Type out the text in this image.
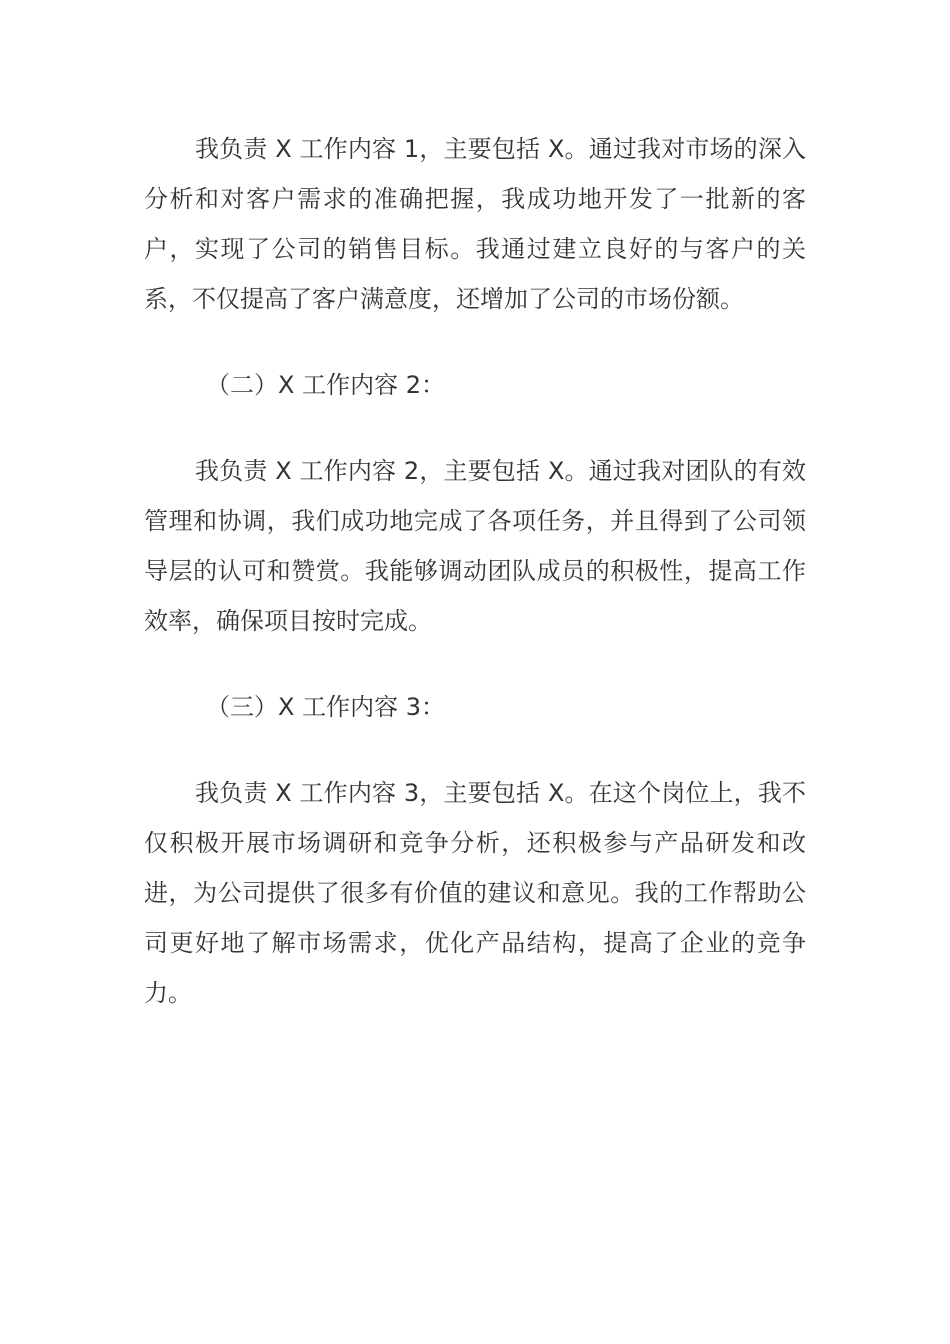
我负责 X 工作内容 1，主要包括 X。通过我对市场的深入分析和对客户需求的准确把握，我成功地开发了一批新的客户，实现了公司的销售目标。我通过建立良好的与客户的关系，不仅提高了客户满意度，还增加了公司的市场份额。

（二）X 工作内容 2：

我负责 X 工作内容 2，主要包括 X。通过我对团队的有效管理和协调，我们成功地完成了各项任务，并且得到了公司领导层的认可和赞赏。我能够调动团队成员的积极性，提高工作效率，确保项目按时完成。

（三）X 工作内容 3：

我负责 X 工作内容 3，主要包括 X。在这个岗位上，我不仅积极开展市场调研和竞争分析，还积极参与产品研发和改进，为公司提供了很多有价值的建议和意见。我的工作帮助公司更好地了解市场需求，优化产品结构，提高了企业的竞争力。
